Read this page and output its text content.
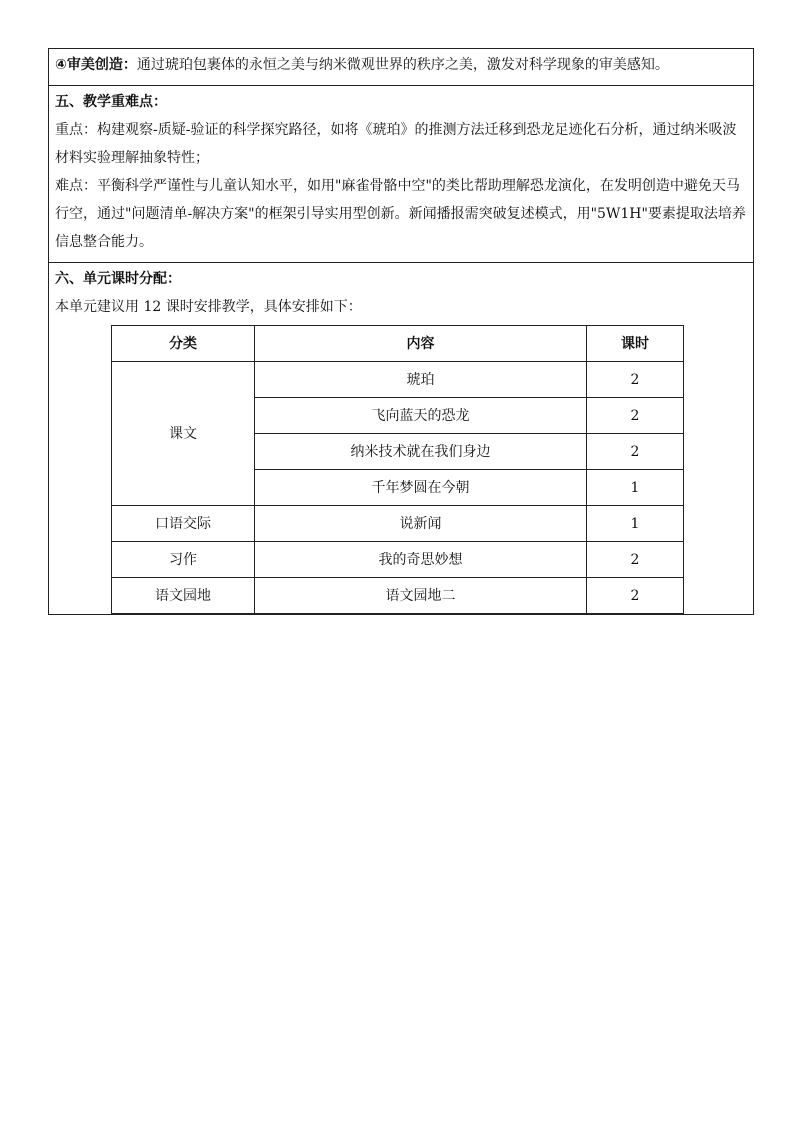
④审美创造：通过琥珀包裹体的永恒之美与纳米微观世界的秩序之美，激发对科学现象的审美感知。
五、教学重难点：
重点：构建观察-质疑-验证的科学探究路径，如将《琥珀》的推测方法迁移到恐龙足迹化石分析，通过纳米吸波材料实验理解抽象特性；
难点：平衡科学严谨性与儿童认知水平，如用"麻雀骨骼中空"的类比帮助理解恐龙演化，在发明创造中避免天马行空，通过"问题清单-解决方案"的框架引导实用型创新。新闻播报需突破复述模式，用"5W1H"要素提取法培养信息整合能力。
六、单元课时分配：
本单元建议用 12 课时安排教学，具体安排如下：
分类	内容	课时
课文	琥珀	2
	飞向蓝天的恐龙	2
	纳米技术就在我们身边	2
	千年梦圆在今朝	1
口语交际	说新闻	1
习作	我的奇思妙想	2
语文园地	语文园地二	2
